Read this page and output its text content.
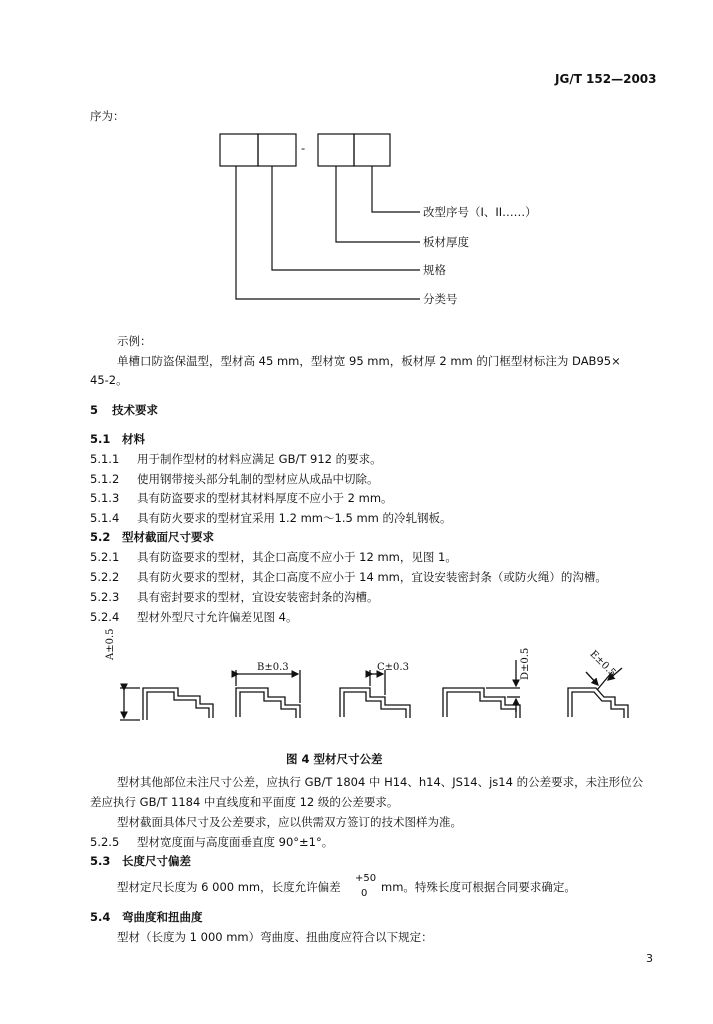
JG/T 152—2003
序为：
-
改型序号（I、II……）
板材厚度
规格
分类号
示例：
单槽口防盗保温型，型材高 45 mm，型材宽 95 mm，板材厚 2 mm 的门框型材标注为 DAB95×
45-2。
5 技术要求
5.1 材料
5.1.1 用于制作型材的材料应满足 GB/T 912 的要求。
5.1.2 使用钢带接头部分轧制的型材应从成品中切除。
5.1.3 具有防盗要求的型材其材料厚度不应小于 2 mm。
5.1.4 具有防火要求的型材宜采用 1.2 mm～1.5 mm 的冷轧钢板。
5.2 型材截面尺寸要求
5.2.1 具有防盗要求的型材，其企口高度不应小于 12 mm，见图 1。
5.2.2 具有防火要求的型材，其企口高度不应小于 14 mm，宜设安装密封条（或防火绳）的沟槽。
5.2.3 具有密封要求的型材，宜设安装密封条的沟槽。
5.2.4 型材外型尺寸允许偏差见图 4。
A±0.5
B±0.3	C±0.3	D±0.5	E±0.5
图 4 型材尺寸公差
型材其他部位未注尺寸公差，应执行 GB/T 1804 中 H14、h14、JS14、js14 的公差要求，未注形位公
差应执行 GB/T 1184 中直线度和平面度 12 级的公差要求。
型材截面具体尺寸及公差要求，应以供需双方签订的技术图样为准。
5.2.5 型材宽度面与高度面垂直度 90°±1°。
5.3 长度尺寸偏差
型材定尺长度为 6 000 mm，长度允许偏差
+50
0 mm。特殊长度可根据合同要求确定。
5.4 弯曲度和扭曲度
型材（长度为 1 000 mm）弯曲度、扭曲度应符合以下规定：
3
